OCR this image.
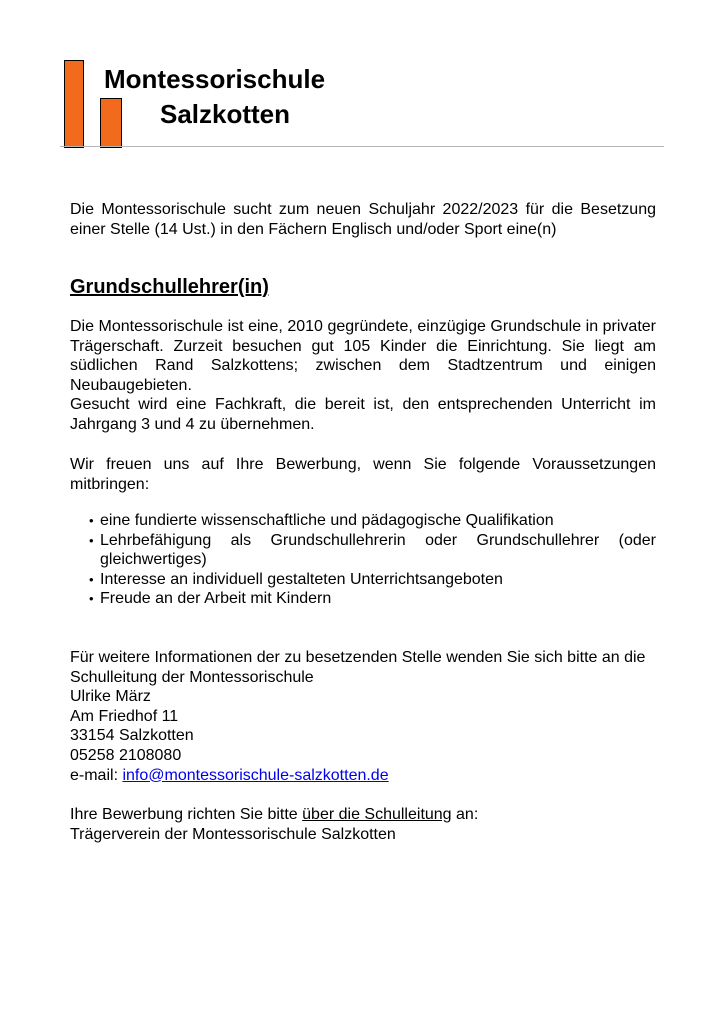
Montessorischule
Salzkotten
Die Montessorischule sucht zum neuen Schuljahr 2022/2023 für die Besetzung einer Stelle (14 Ust.) in den Fächern Englisch und/oder Sport eine(n)
Grundschullehrer(in)
Die Montessorischule ist eine, 2010 gegründete, einzügige Grundschule in privater Trägerschaft. Zurzeit besuchen gut 105 Kinder die Einrichtung. Sie liegt am südlichen Rand Salzkottens; zwischen dem Stadtzentrum und einigen Neubaugebieten.
Gesucht wird eine Fachkraft, die bereit ist, den entsprechenden Unterricht im Jahrgang 3 und 4 zu übernehmen.
Wir freuen uns auf Ihre Bewerbung, wenn Sie folgende Voraussetzungen mitbringen:
• eine fundierte wissenschaftliche und pädagogische Qualifikation
• Lehrbefähigung als Grundschullehrerin oder Grundschullehrer (oder gleichwertiges)
• Interesse an individuell gestalteten Unterrichtsangeboten
• Freude an der Arbeit mit Kindern
Für weitere Informationen der zu besetzenden Stelle wenden Sie sich bitte an die Schulleitung der Montessorischule
Ulrike März
Am Friedhof 11
33154 Salzkotten
05258 2108080
e-mail: info@montessorischule-salzkotten.de
Ihre Bewerbung richten Sie bitte über die Schulleitung an:
Trägerverein der Montessorischule Salzkotten
